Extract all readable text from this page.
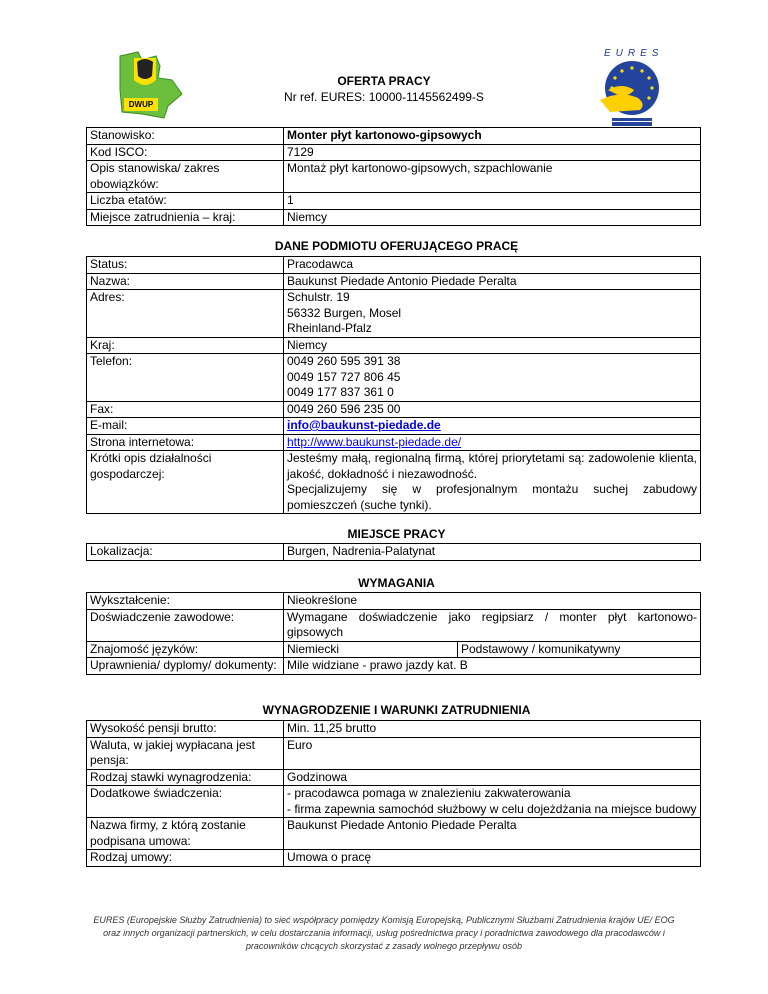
DWUP
OFERTA PRACY
Nr ref. EURES: 10000-1145562499-S
EURES
Stanowisko:	Monter płyt kartonowo-gipsowych
Kod ISCO:	7129
Opis stanowiska/ zakres obowiązków:	Montaż płyt kartonowo-gipsowych, szpachlowanie
Liczba etatów:	1
Miejsce zatrudnienia – kraj:	Niemcy
DANE PODMIOTU OFERUJĄCEGO PRACĘ
Status:	Pracodawca
Nazwa:	Baukunst Piedade Antonio Piedade Peralta
Adres:	Schulstr. 19
56332 Burgen, Mosel
Rheinland-Pfalz

Kraj:	Niemcy
Telefon:	0049 260 595 391 38
0049 157 727 806 45
0049 177 837 361 0

Fax:	0049 260 596 235 00
E-mail:	info@baukunst-piedade.de
Strona internetowa:	http://www.baukunst-piedade.de/
Krótki opis działalności gospodarczej:	Jesteśmy małą, regionalną firmą, której priorytetami są: zadowolenie klienta, jakość, dokładność i niezawodność.
Specjalizujemy się w profesjonalnym montażu suchej zabudowy pomieszczeń (suche tynki).
MIEJSCE PRACY
Lokalizacja:	Burgen, Nadrenia-Palatynat
WYMAGANIA
Wykształcenie:	Nieokreślone
Doświadczenie zawodowe:	Wymagane doświadczenie jako regipsiarz / monter płyt kartonowo-gipsowych
Znajomość języków:	Niemiecki Podstawowy / komunikatywny

Uprawnienia/ dyplomy/ dokumenty:	Mile widziane - prawo jazdy kat. B
WYNAGRODZENIE I WARUNKI ZATRUDNIENIA
Wysokość pensji brutto:	Min. 11,25 brutto
Waluta, w jakiej wypłacana jest pensja:	Euro
Rodzaj stawki wynagrodzenia:	Godzinowa
Dodatkowe świadczenia:	- pracodawca pomaga w znalezieniu zakwaterowania
- firma zapewnia samochód służbowy w celu dojeżdżania na miejsce budowy

Nazwa firmy, z którą zostanie podpisana umowa:	Baukunst Piedade Antonio Piedade Peralta
Rodzaj umowy:	Umowa o pracę
EURES (Europejskie Służby Zatrudnienia) to sieć współpracy pomiędzy Komisją Europejską, Publicznymi Służbami Zatrudnienia krajów UE/ EOG
oraz innych organizacji partnerskich, w celu dostarczania informacji, usług pośrednictwa pracy i poradnictwa zawodowego dla pracodawców i
pracowników chcących skorzystać z zasady wolnego przepływu osób
